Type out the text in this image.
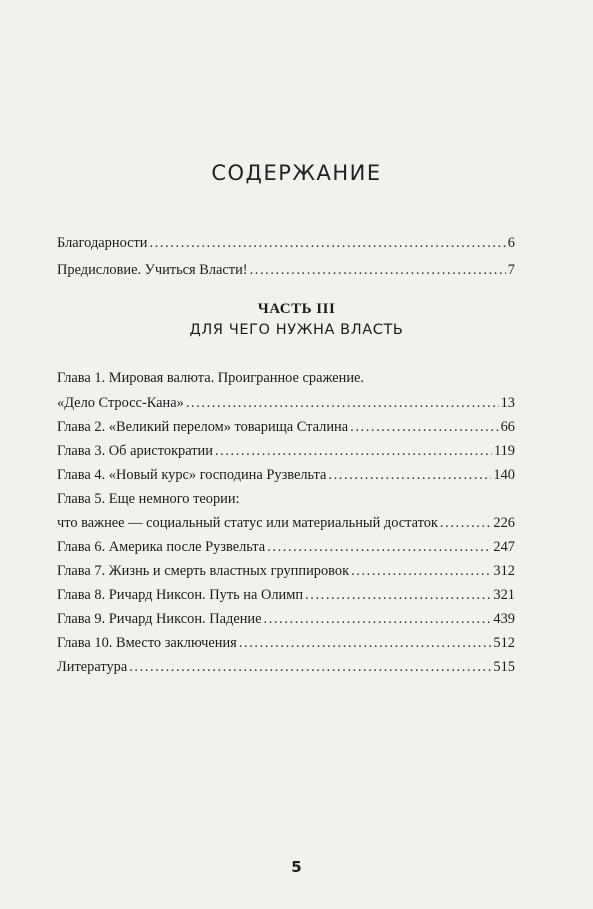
СОДЕРЖАНИЕ
Благодарности . . .	6
Предисловие. Учиться Власти! . . .	7
ЧАСТЬ III
ДЛЯ ЧЕГО НУЖНА ВЛАСТЬ
Глава 1. Мировая валюта. Проигранное сражение.
«Дело Стросс-Кана» . . .	13
Глава 2. «Великий перелом» товарища Сталина . . .	66
Глава 3. Об аристократии . . .	119
Глава 4. «Новый курс» господина Рузвельта . . .	140
Глава 5. Еще немного теории:
что важнее — социальный статус или материальный достаток . . .	226
Глава 6. Америка после Рузвельта . . .	247
Глава 7. Жизнь и смерть властных группировок . . .	312
Глава 8. Ричард Никсон. Путь на Олимп . . .	321
Глава 9. Ричард Никсон. Падение . . .	439
Глава 10. Вместо заключения . . .	512
Литература . . .	515
5
